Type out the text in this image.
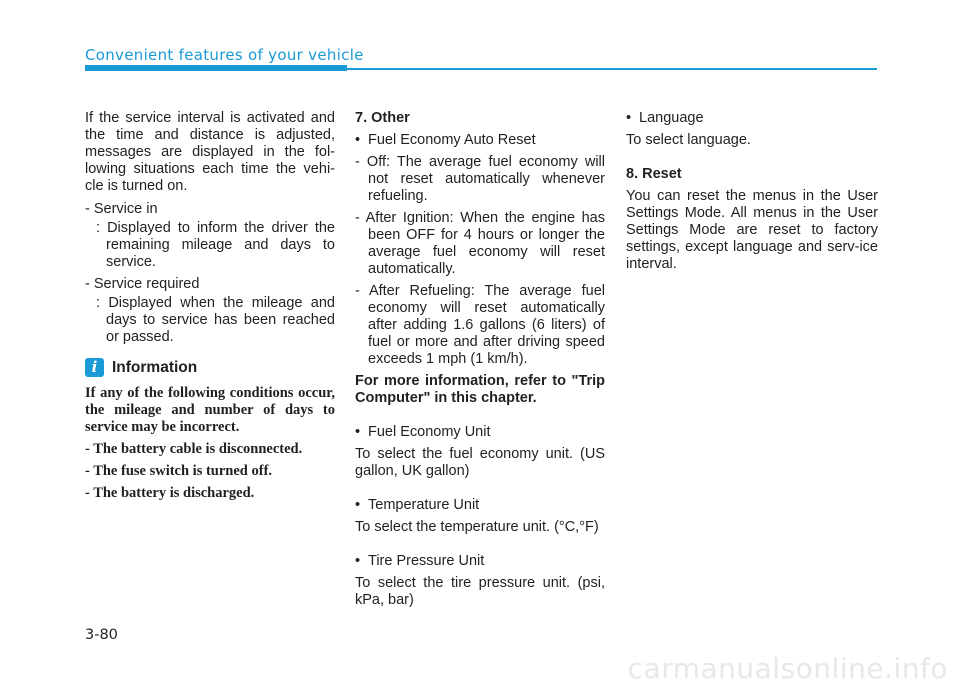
Convenient features of your vehicle

If the service interval is activated and the time and distance is adjusted, messages are displayed in the fol-lowing situations each time the vehi-cle is turned on.

- Service in

: Displayed to inform the driver the remaining mileage and days to service.

- Service required

: Displayed when the mileage and days to service has been reached or passed.

i Information

If any of the following conditions occur, the mileage and number of days to service may be incorrect.

- The battery cable is disconnected.

- The fuse switch is turned off.

- The battery is discharged.

7. Other

• Fuel Economy Auto Reset

- Off: The average fuel economy will not reset automatically whenever refueling.

- After Ignition: When the engine has been OFF for 4 hours or longer the average fuel economy will reset automatically.

- After Refueling: The average fuel economy will reset automatically after adding 1.6 gallons (6 liters) of fuel or more and after driving speed exceeds 1 mph (1 km/h).

For more information, refer to "Trip Computer" in this chapter.

• Fuel Economy Unit

To select the fuel economy unit. (US gallon, UK gallon)

• Temperature Unit

To select the temperature unit. (°C,°F)

• Tire Pressure Unit

To select the tire pressure unit. (psi, kPa, bar)

• Language

To select language.

8. Reset

You can reset the menus in the User Settings Mode. All menus in the User Settings Mode are reset to factory settings, except language and serv-ice interval.

3-80
carmanualsonline.info
